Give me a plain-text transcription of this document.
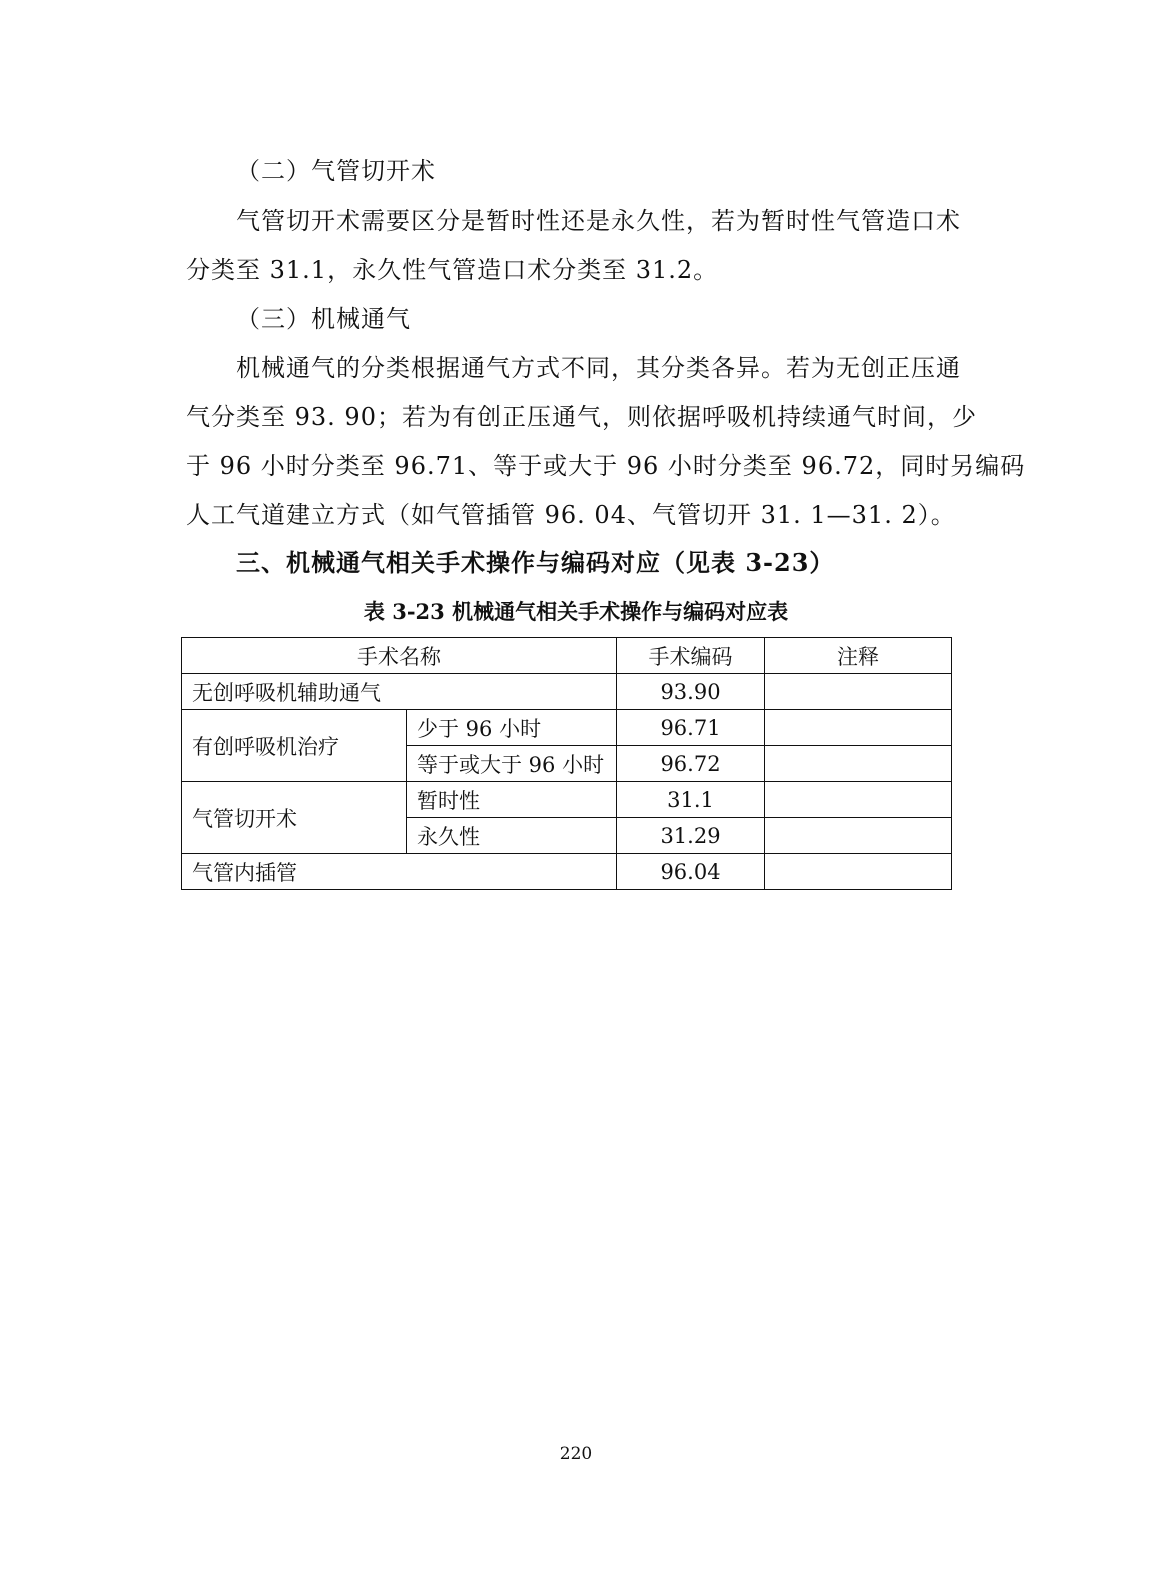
（二）气管切开术
气管切开术需要区分是暂时性还是永久性，若为暂时性气管造口术
分类至 31.1，永久性气管造口术分类至 31.2。
（三）机械通气
机械通气的分类根据通气方式不同，其分类各异。若为无创正压通
气分类至 93. 90；若为有创正压通气，则依据呼吸机持续通气时间，少
于 96 小时分类至 96.71、等于或大于 96 小时分类至 96.72，同时另编码
人工气道建立方式（如气管插管 96. 04、气管切开 31. 1—31. 2）。
三、机械通气相关手术操作与编码对应（见表 3-23）
表 3-23 机械通气相关手术操作与编码对应表
手术名称		手术编码	注释
无创呼吸机辅助通气		93.90	
有创呼吸机治疗	少于 96 小时	96.71	
	等于或大于 96 小时	96.72	
气管切开术	暂时性	31.1	
	永久性	31.29	
气管内插管		96.04	
220
